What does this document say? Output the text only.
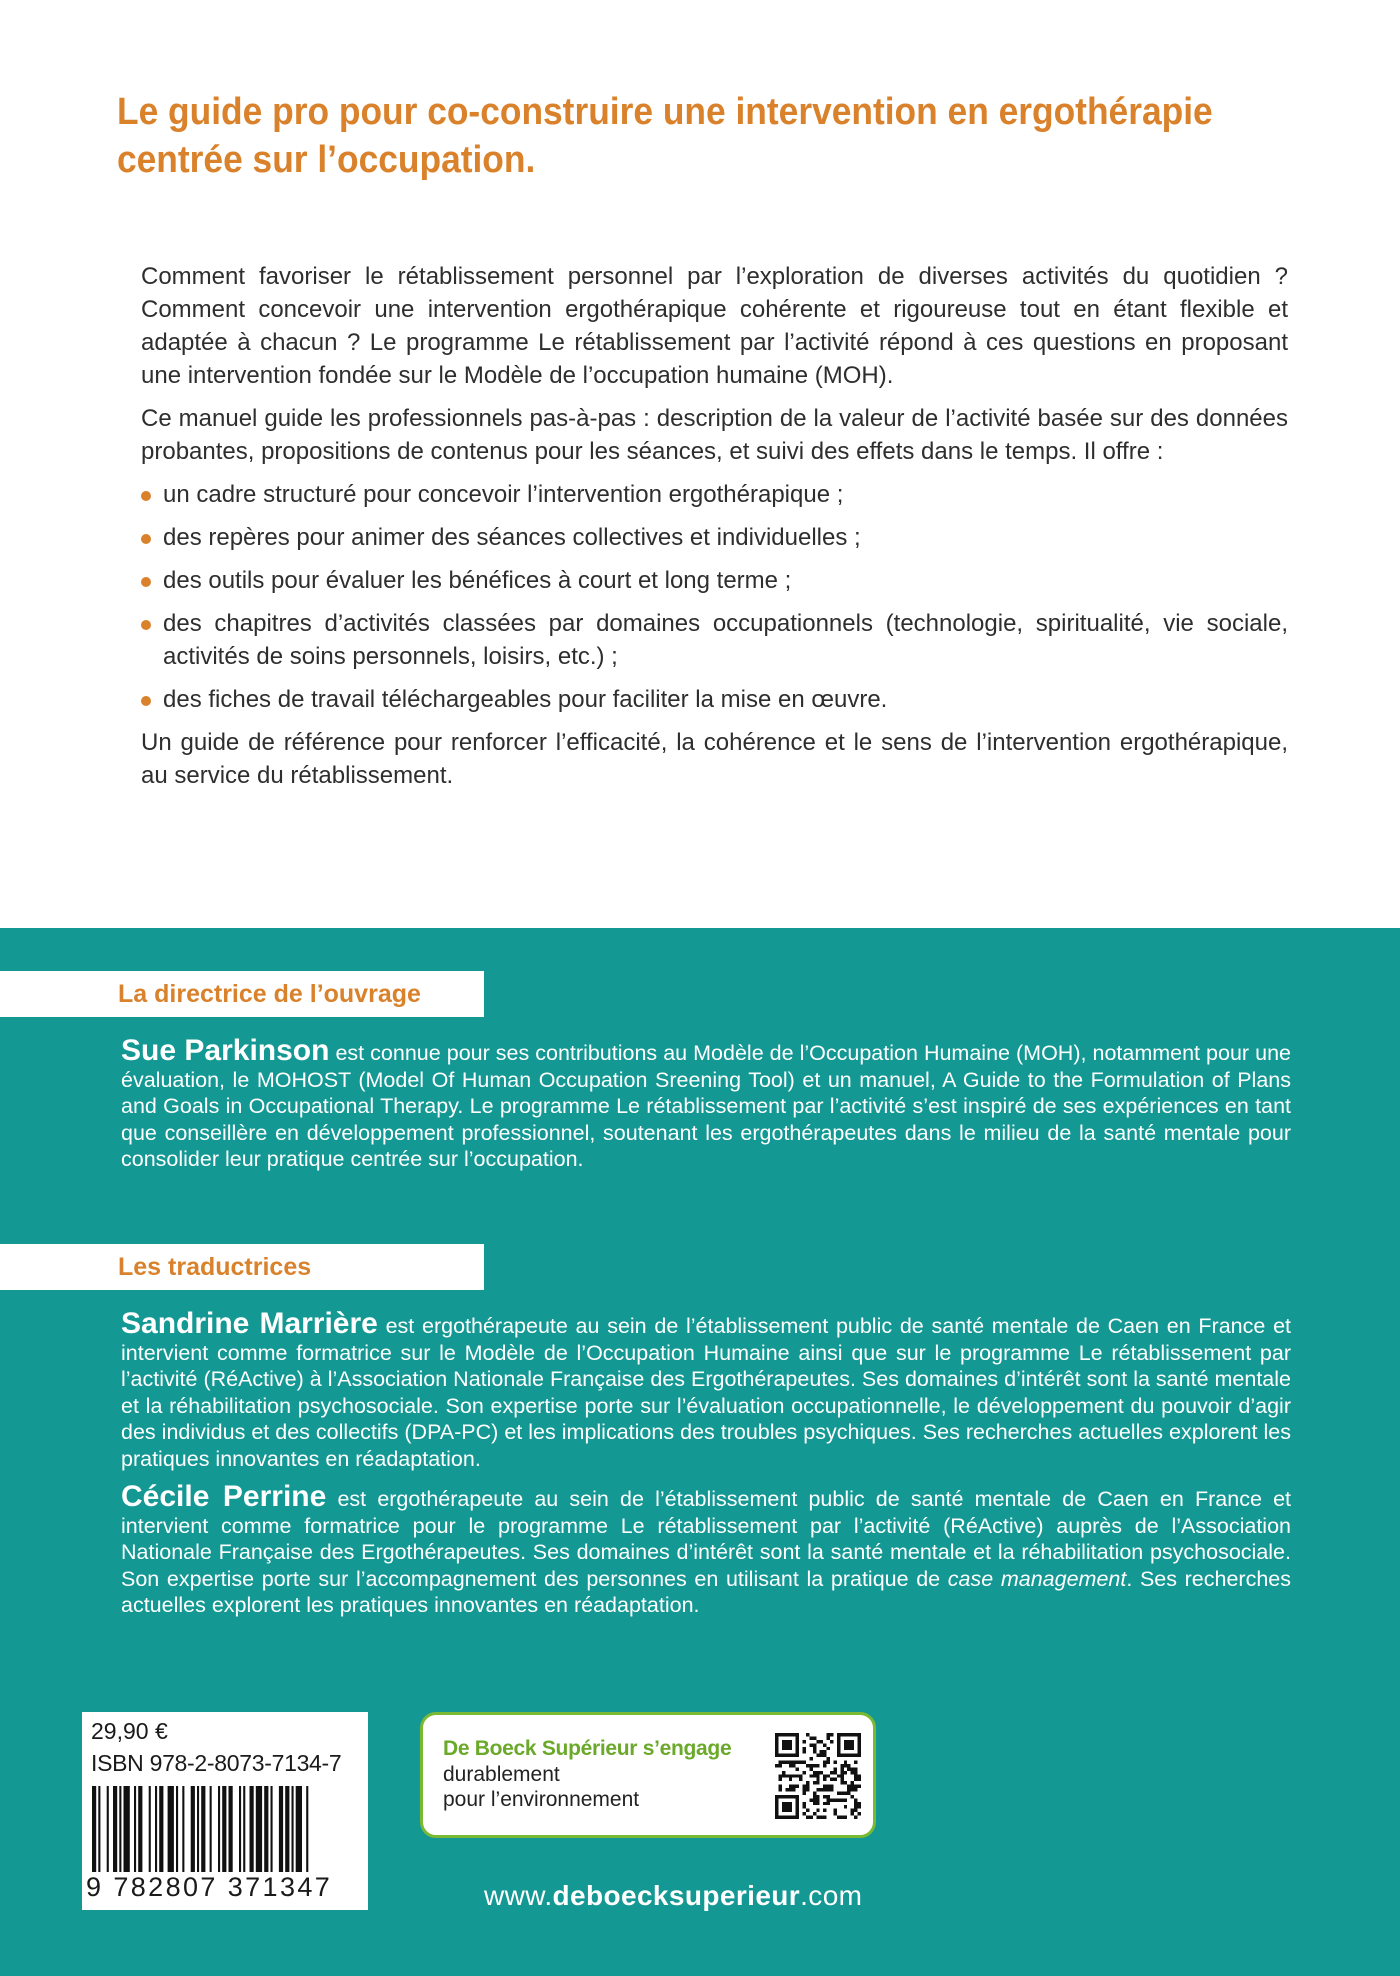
Le guide pro pour co-construire une intervention en ergothérapie
centrée sur l’occupation.

Comment favoriser le rétablissement personnel par l’exploration de diverses activités du quotidien ? Comment concevoir une intervention ergothérapique cohérente et rigoureuse tout en étant flexible et adaptée à chacun ? Le programme Le rétablissement par l’activité répond à ces questions en proposant une intervention fondée sur le Modèle de l’occupation humaine (MOH).

Ce manuel guide les professionnels pas-à-pas : description de la valeur de l’activité basée sur des données probantes, propositions de contenus pour les séances, et suivi des effets dans le temps. Il offre :

un cadre structuré pour concevoir l’intervention ergothérapique ;
des repères pour animer des séances collectives et individuelles ;
des outils pour évaluer les bénéfices à court et long terme ;
des chapitres d’activités classées par domaines occupationnels (technologie, spiritualité, vie sociale, activités de soins personnels, loisirs, etc.) ;
des fiches de travail téléchargeables pour faciliter la mise en œuvre.

Un guide de référence pour renforcer l’efficacité, la cohérence et le sens de l’intervention ergothérapique, au service du rétablissement.

La directrice de l’ouvrage

Sue Parkinson est connue pour ses contributions au Modèle de l’Occupation Humaine (MOH), notamment pour une évaluation, le MOHOST (Model Of Human Occupation Sreening Tool) et un manuel, A Guide to the Formulation of Plans and Goals in Occupational Therapy. Le programme Le rétablissement par l’activité s’est inspiré de ses expériences en tant que conseillère en développement professionnel, soutenant les ergothérapeutes dans le milieu de la santé mentale pour consolider leur pratique centrée sur l’occupation.

Les traductrices

Sandrine Marrière est ergothérapeute au sein de l’établissement public de santé mentale de Caen en France et intervient comme formatrice sur le Modèle de l’Occupation Humaine ainsi que sur le programme Le rétablissement par l’activité (RéActive) à l’Association Nationale Française des Ergothérapeutes. Ses domaines d’intérêt sont la santé mentale et la réhabilitation psychosociale. Son expertise porte sur l’évaluation occupationnelle, le développement du pouvoir d’agir des individus et des collectifs (DPA-PC) et les implications des troubles psychiques. Ses recherches actuelles explorent les pratiques innovantes en réadaptation.

Cécile Perrine est ergothérapeute au sein de l’établissement public de santé mentale de Caen en France et intervient comme formatrice pour le programme Le rétablissement par l’activité (RéActive) auprès de l’Association Nationale Française des Ergothérapeutes. Ses domaines d’intérêt sont la santé mentale et la réhabilitation psychosociale. Son expertise porte sur l’accompagnement des personnes en utilisant la pratique de case management. Ses recherches actuelles explorent les pratiques innovantes en réadaptation.

29,90 €
ISBN 978-2-8073-7134-7
9 782807 371347
De Boeck Supérieur s’engage
durablement
pour l’environnement
www.deboecksuperieur.com
